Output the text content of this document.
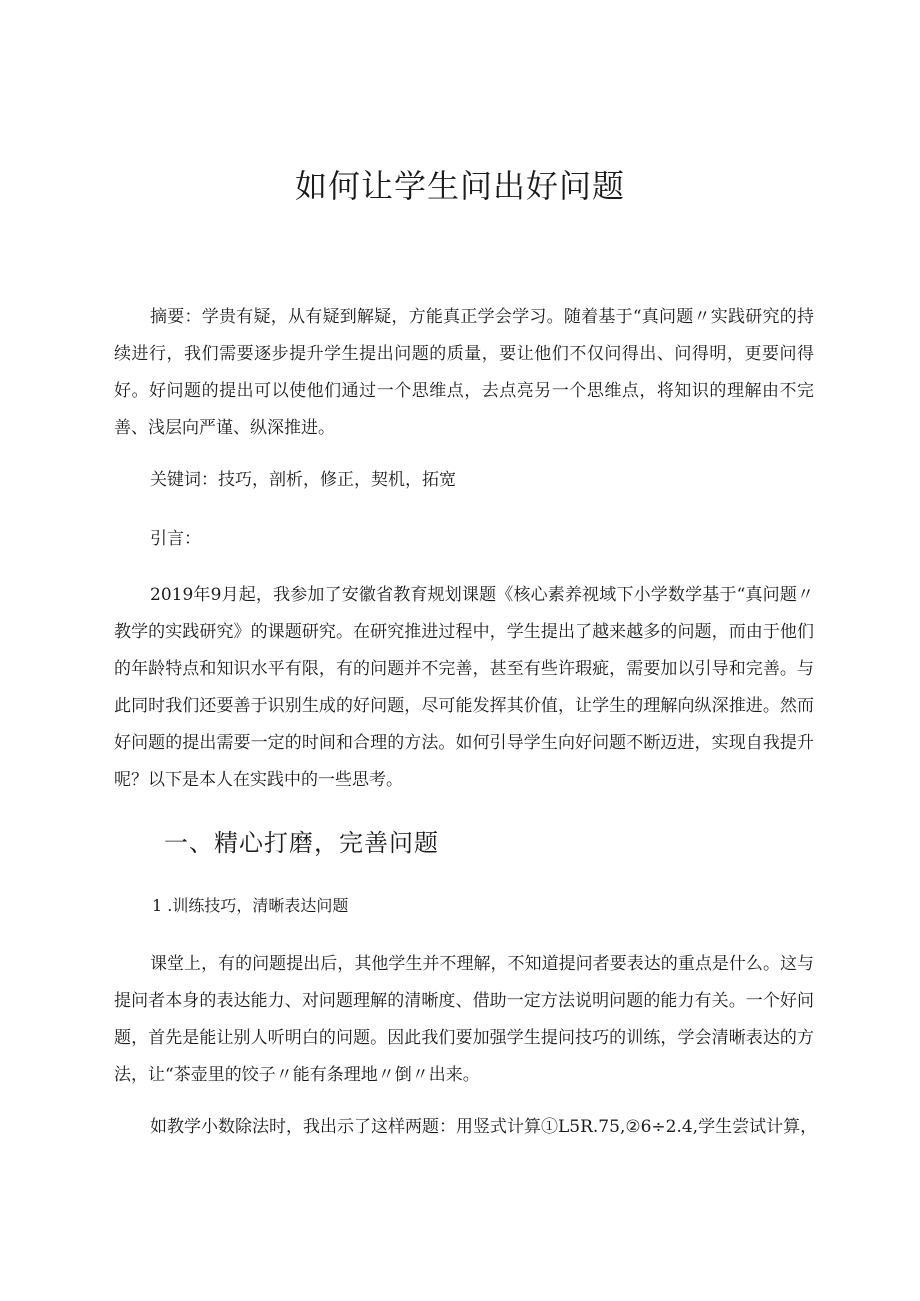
如何让学生问出好问题
摘要：学贵有疑，从有疑到解疑，方能真正学会学习。随着基于“真问题〃实践研究的持续进行，我们需要逐步提升学生提出问题的质量，要让他们不仅问得出、问得明，更要问得好。好问题的提出可以使他们通过一个思维点，去点亮另一个思维点，将知识的理解由不完善、浅层向严谨、纵深推进。
关键词：技巧，剖析，修正，契机，拓宽
引言：
2019年9月起，我参加了安徽省教育规划课题《核心素养视域下小学数学基于“真问题〃教学的实践研究》的课题研究。在研究推进过程中，学生提出了越来越多的问题，而由于他们的年龄特点和知识水平有限，有的问题并不完善，甚至有些许瑕疵，需要加以引导和完善。与此同时我们还要善于识别生成的好问题，尽可能发挥其价值，让学生的理解向纵深推进。然而好问题的提出需要一定的时间和合理的方法。如何引导学生向好问题不断迈进，实现自我提升呢？以下是本人在实践中的一些思考。
一、精心打磨，完善问题
1 .训练技巧，清晰表达问题
课堂上，有的问题提出后，其他学生并不理解，不知道提问者要表达的重点是什么。这与提问者本身的表达能力、对问题理解的清晰度、借助一定方法说明问题的能力有关。一个好问题，首先是能让别人听明白的问题。因此我们要加强学生提问技巧的训练，学会清晰表达的方法，让“茶壶里的饺子〃能有条理地〃倒〃出来。
如教学小数除法时，我出示了这样两题：用竖式计算①L5R.75,②6÷2.4,学生尝试计算，
